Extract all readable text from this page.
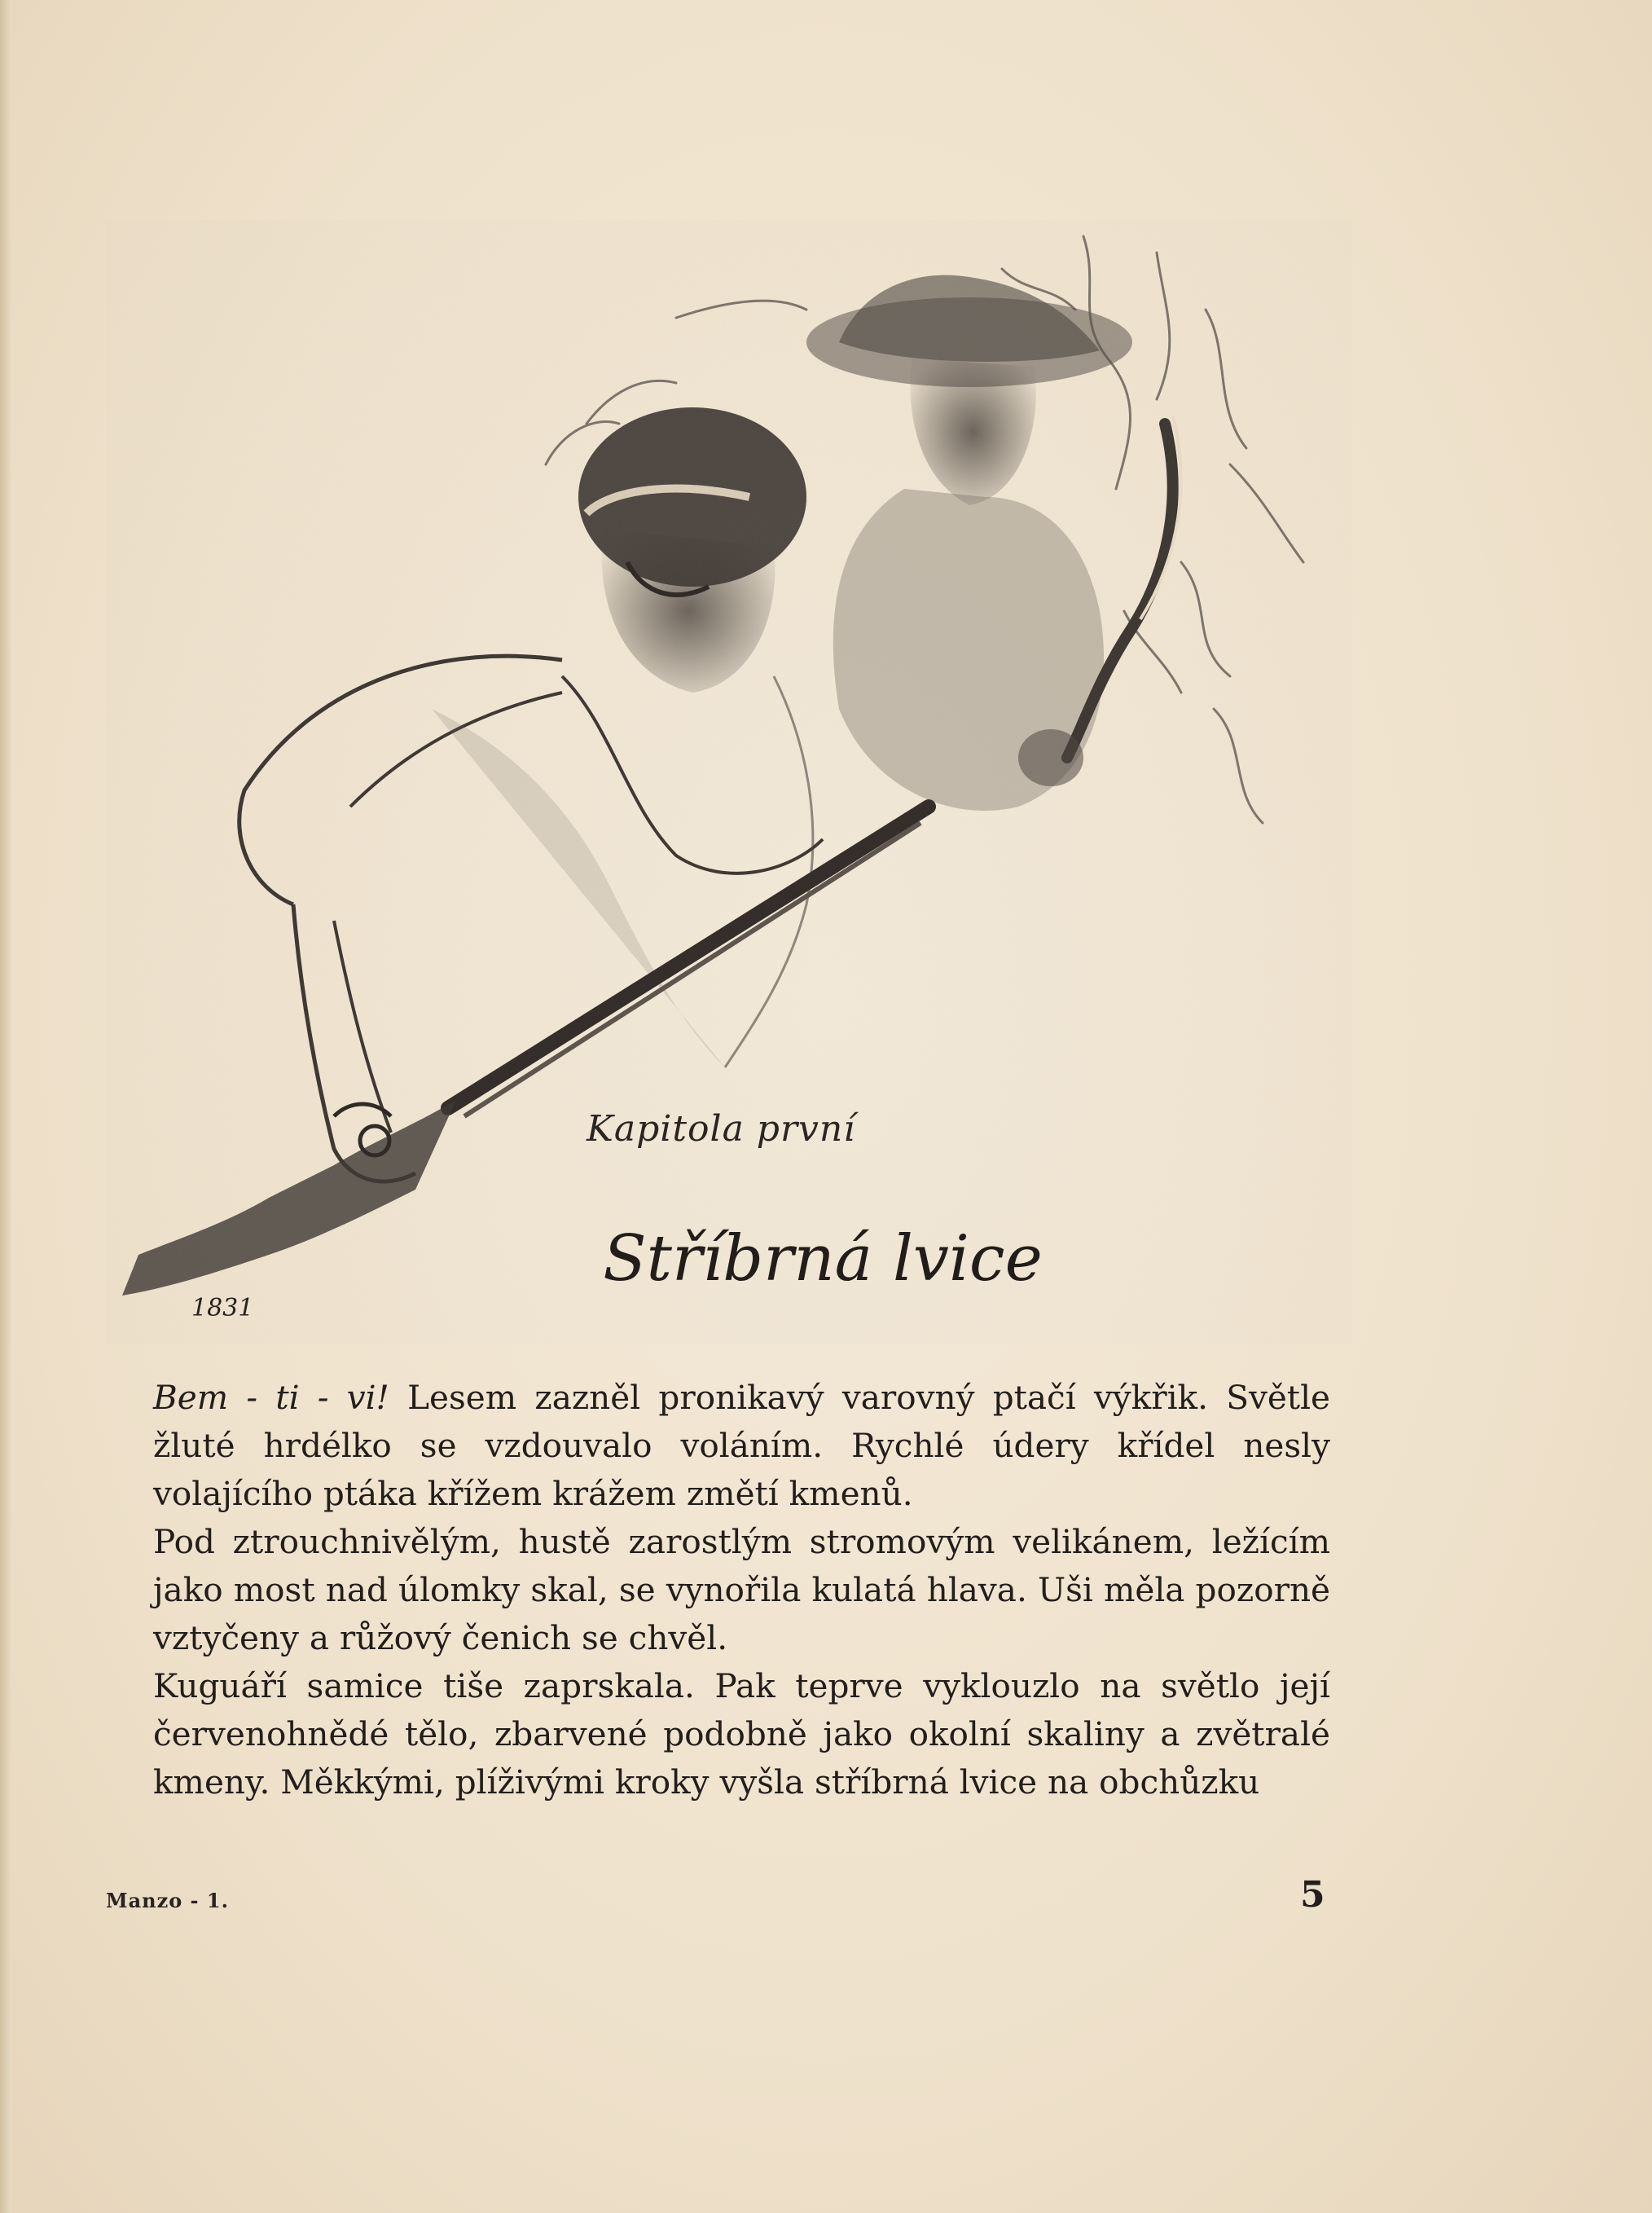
1831
Kapitola první
Stříbrná lvice

Bem - ti - vi! Lesem zazněl pronikavý varovný ptačí výkřik. Světle žluté hrdélko se vzdouvalo voláním. Rychlé údery křídel nesly volajícího ptáka křížem krážem změtí kmenů.

Pod ztrouchnivělým, hustě zarostlým stromovým velikánem, ležícím jako most nad úlomky skal, se vynořila kulatá hlava. Uši měla pozorně vztyčeny a růžový čenich se chvěl.

Kuguáří samice tiše zaprskala. Pak teprve vyklouzlo na světlo její červenohnědé tělo, zbarvené podobně jako okolní skaliny a zvětralé kmeny. Měkkými, plíživými kroky vyšla stříbrná lvice na obchůzku

Manzo - 1.	5
